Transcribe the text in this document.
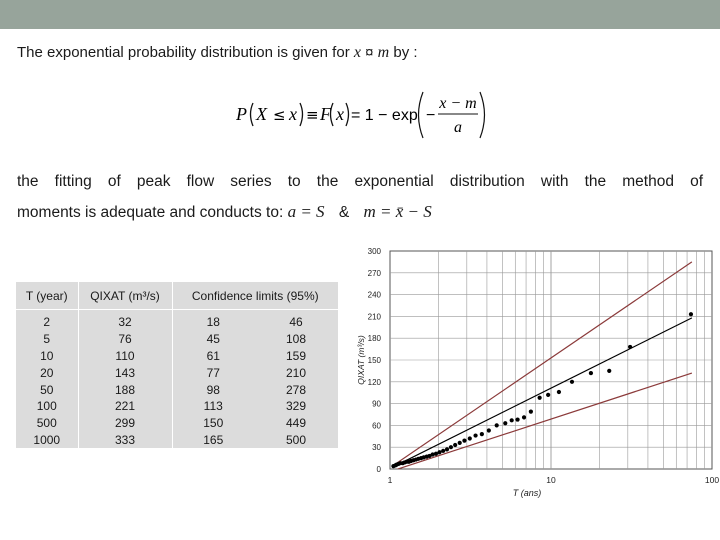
The exponential probability distribution is given for x ¤ m by :
P X ≤ x ≡ F x = 1 − exp −
x − m
a
the fitting of peak flow series to the exponential distribution with the method of
moments is adequate and conducts to: a = S & m = x̄ − S
T (year)	QIXAT (m³/s)	Confidence limits (95%)	
2	32	18	46
5	76	45	108
10	110	61	159
20	143	77	210
50	188	98	278
100	221	113	329
500	299	150	449
1000	333	165	500
0
30
60
90
120
150
180
210
240
270
300
1	10	100
T (ans)
QIXAT (m³/s)
